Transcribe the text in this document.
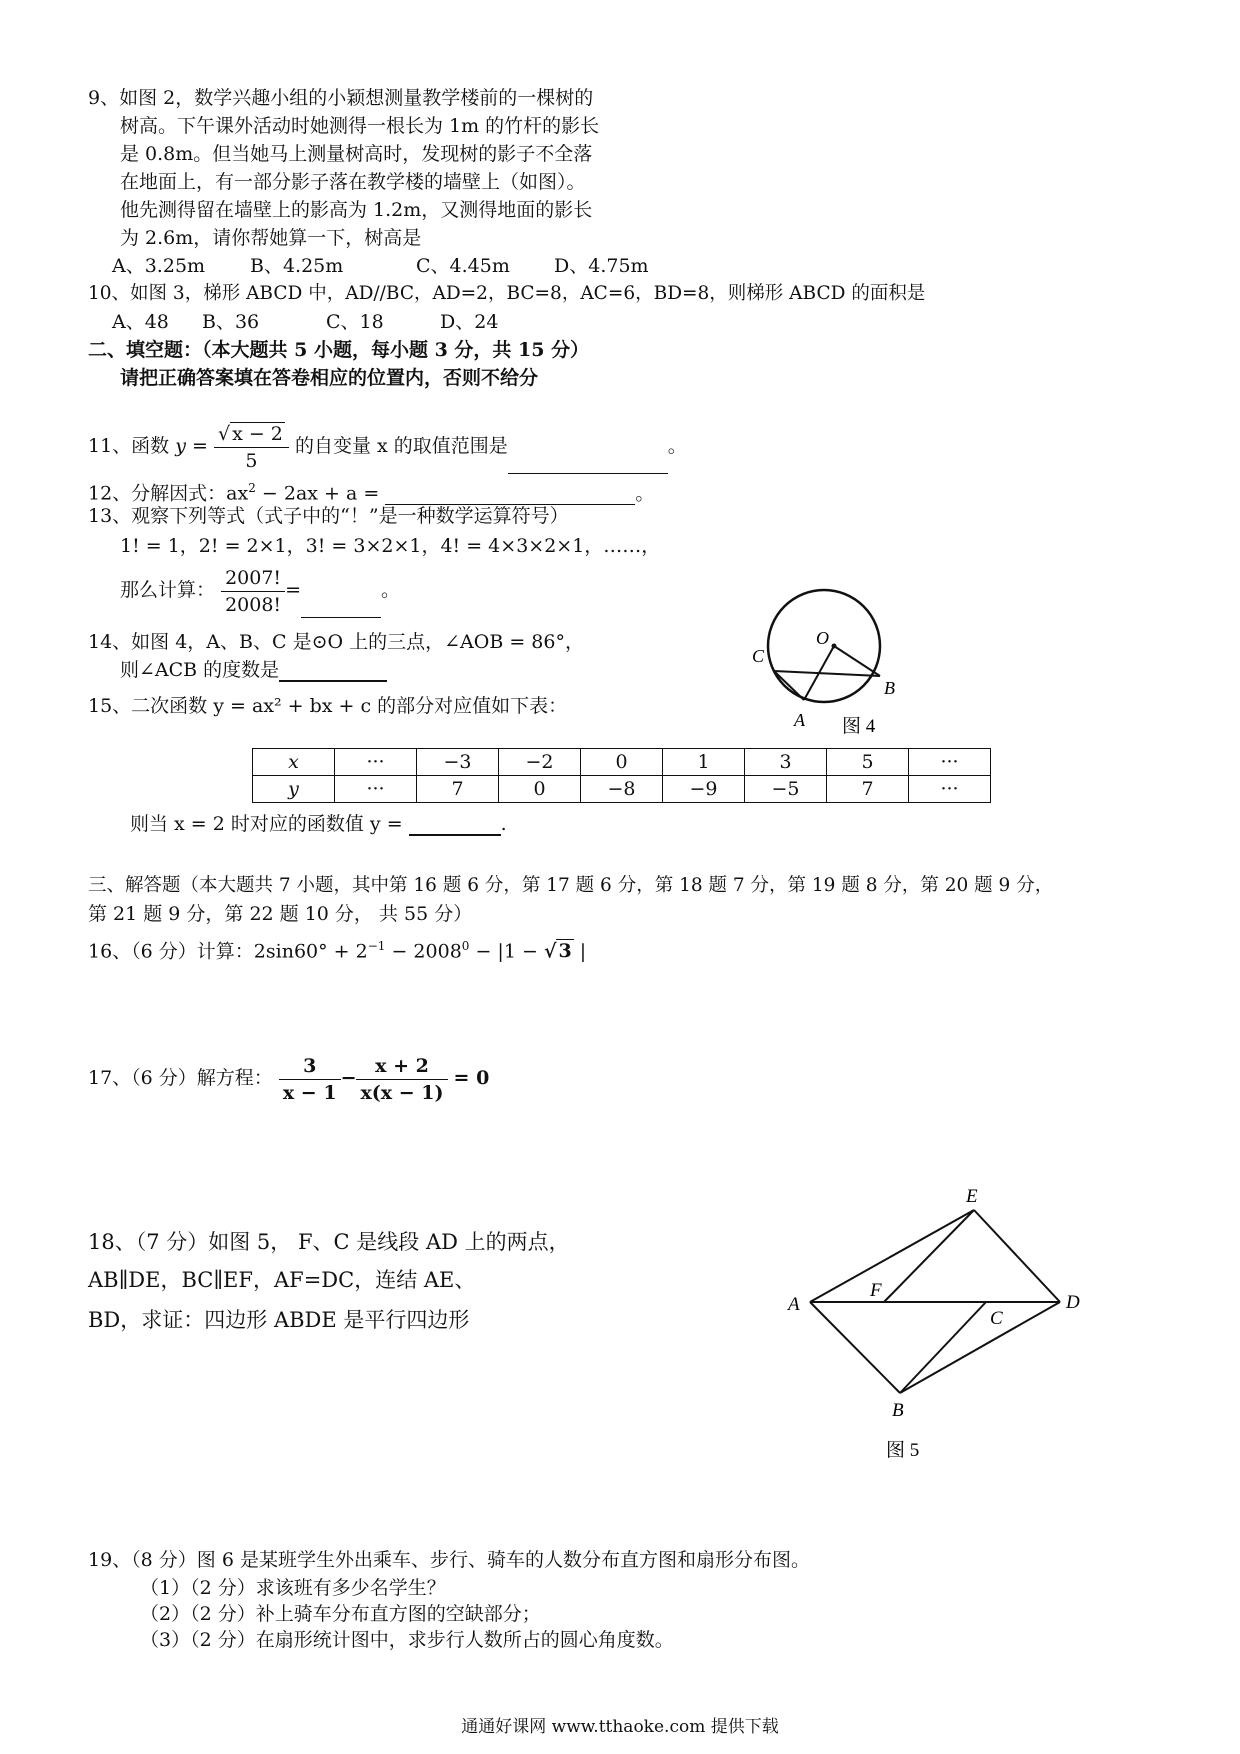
9、如图 2，数学兴趣小组的小颖想测量教学楼前的一棵树的
树高。下午课外活动时她测得一根长为 1m 的竹杆的影长
是 0.8m。但当她马上测量树高时，发现树的影子不全落
在地面上，有一部分影子落在教学楼的墙壁上（如图）。
他先测得留在墙壁上的影高为 1.2m，又测得地面的影长
为 2.6m，请你帮她算一下，树高是
A、3.25m B、4.25m	C、4.45m D、4.75m
10、如图 3，梯形 ABCD 中，AD//BC，AD=2，BC=8，AC=6，BD=8，则梯形 ABCD 的面积是
A、48 B、36	C、18	D、24
二、填空题：（本大题共 5 小题，每小题 3 分，共 15 分）
请把正确答案填在答卷相应的位置内，否则不给分
11、函数 $y = \frac{√ x - 2}{5}$ 的自变量 x 的取值范围是	。
12、分解因式：$ax^2 - 2ax + a$ =	。
13、观察下列等式（式子中的“！”是一种数学运算符号）
1! = 1，2! = 2×1，3! = 3×2×1，4! = 4×3×2×1，……，
那么计算： $\frac{2007!}{2008!}$ =	。
14、如图 4，A、B、C 是⊙O 上的三点，∠AOB = 86°，
则∠ACB 的度数是
O
C
B
A 图 4
15、二次函数 y = ax² + bx + c 的部分对应值如下表：
x	···	−3	−2	0	1	3	5	···
y	···	7	0	−8	−9	−5	7	···
则当 x = 2 时对应的函数值 y =	.
三、解答题（本大题共 7 小题，其中第 16 题 6 分，第 17 题 6 分，第 18 题 7 分，第 19 题 8 分，第 20 题 9 分，
第 21 题 9 分，第 22 题 10 分， 共 55 分）
16、（6 分）计算：$2\sin 60^\circ + 2^{-1} - 2008^0 - |1$ − √ 3 |
17、（6 分）解方程： $\frac{3}{x - 1} - \frac{x + 2}{x(x - 1)} = 0$
18、（7 分）如图 5， F、C 是线段 AD 上的两点，
AB∥DE，BC∥EF，AF=DC，连结 AE、
BD，求证：四边形 ABDE 是平行四边形
E
F
A	D
C
B
图 5
19、（8 分）图 6 是某班学生外出乘车、步行、骑车的人数分布直方图和扇形分布图。
（1）（2 分）求该班有多少名学生？
（2）（2 分）补上骑车分布直方图的空缺部分；
（3）（2 分）在扇形统计图中，求步行人数所占的圆心角度数。
通通好课网 www.tthaoke.com 提供下载
